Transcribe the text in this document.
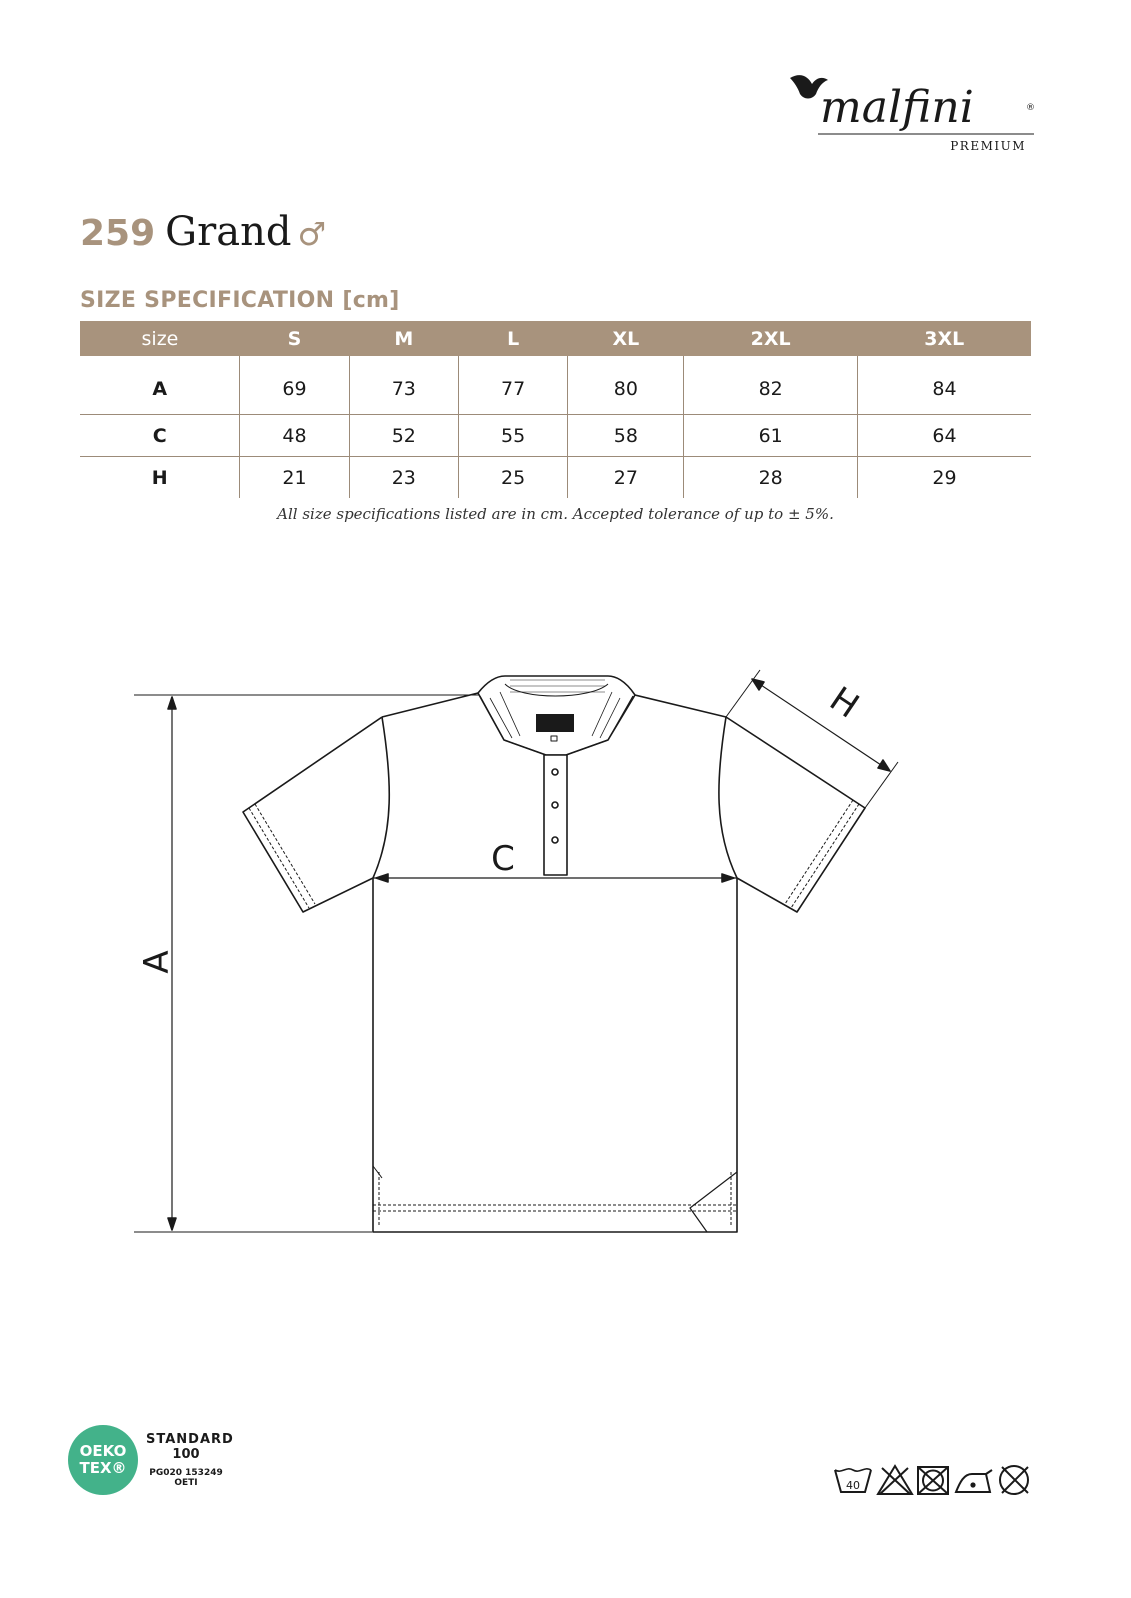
malfini	®
PREMIUM
259 Grand ♂
SIZE SPECIFICATION [cm]
size	S	M	L	XL	2XL	3XL
A	69	73	77	80	82	84
C	48	52	55	58	61	64
H	21	23	25	27	28	29
All size specifications listed are in cm. Accepted tolerance of up to ± 5%.
A
C
H
OEKO
TEX®
STANDARD
100
PG020 153249
OETI	40
